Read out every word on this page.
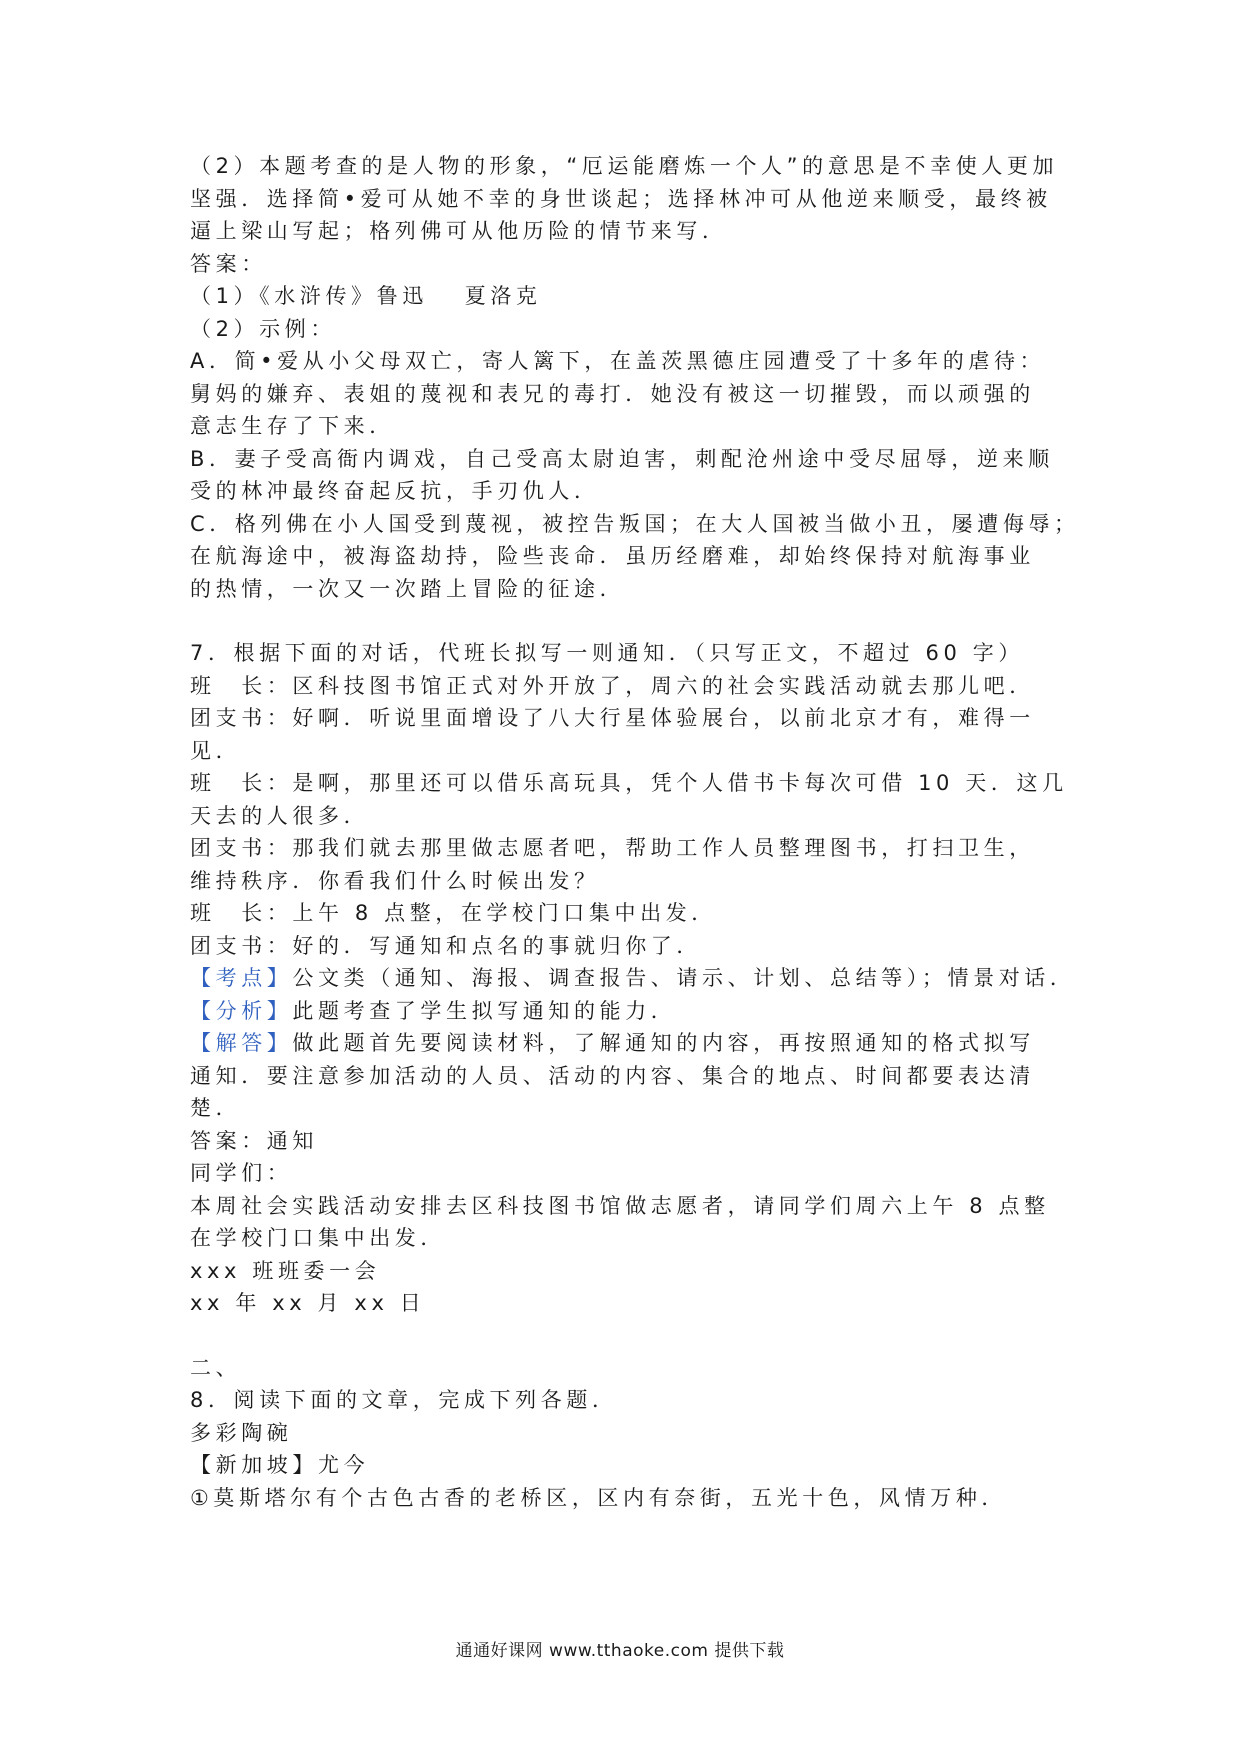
（2）本题考查的是人物的形象，“厄运能磨炼一个人”的意思是不幸使人更加
坚强．选择简•爱可从她不幸的身世谈起；选择林冲可从他逆来顺受，最终被
逼上梁山写起；格列佛可从他历险的情节来写．
答案：
（1）《水浒传》鲁迅　 夏洛克
（2）示例：
A．简•爱从小父母双亡，寄人篱下，在盖茨黑德庄园遭受了十多年的虐待：
舅妈的嫌弃、表姐的蔑视和表兄的毒打．她没有被这一切摧毁，而以顽强的
意志生存了下来．
B．妻子受高衙内调戏，自己受高太尉迫害，刺配沧州途中受尽屈辱，逆来顺
受的林冲最终奋起反抗，手刃仇人．
C．格列佛在小人国受到蔑视，被控告叛国；在大人国被当做小丑，屡遭侮辱；
在航海途中，被海盗劫持，险些丧命．虽历经磨难，却始终保持对航海事业
的热情，一次又一次踏上冒险的征途．
7．根据下面的对话，代班长拟写一则通知．（只写正文，不超过 60 字）
班　长：区科技图书馆正式对外开放了，周六的社会实践活动就去那儿吧．
团支书：好啊．听说里面增设了八大行星体验展台，以前北京才有，难得一
见．
班　长：是啊，那里还可以借乐高玩具，凭个人借书卡每次可借 10 天．这几
天去的人很多．
团支书：那我们就去那里做志愿者吧，帮助工作人员整理图书，打扫卫生，
维持秩序．你看我们什么时候出发？
班　长：上午 8 点整，在学校门口集中出发．
团支书：好的．写通知和点名的事就归你了．
【考点】公文类（通知、海报、调查报告、请示、计划、总结等）；情景对话．
【分析】此题考查了学生拟写通知的能力．
【解答】做此题首先要阅读材料，了解通知的内容，再按照通知的格式拟写
通知．要注意参加活动的人员、活动的内容、集合的地点、时间都要表达清
楚．
答案：通知
同学们：
本周社会实践活动安排去区科技图书馆做志愿者，请同学们周六上午 8 点整
在学校门口集中出发．
xxx 班班委一会
xx 年 xx 月 xx 日
二、
8．阅读下面的文章，完成下列各题．
多彩陶碗
【新加坡】尤今
①莫斯塔尔有个古色古香的老桥区，区内有奈街，五光十色，风情万种．
通通好课网 www.tthaoke.com 提供下载
